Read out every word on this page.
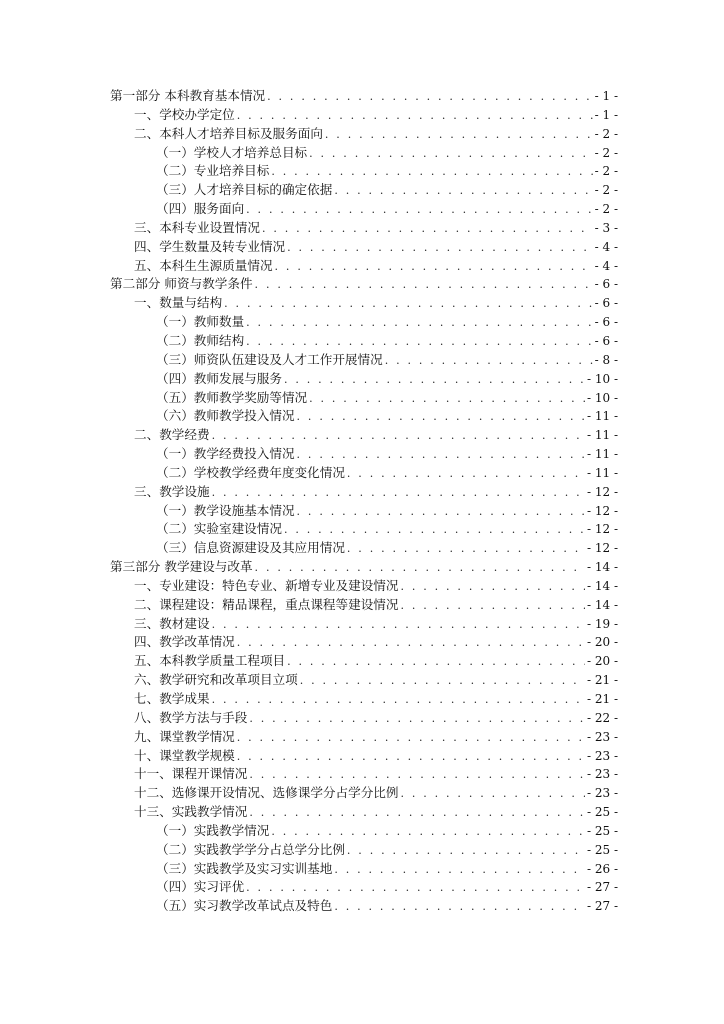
第一部分 本科教育基本情况 . . .	- 1 -
一、学校办学定位 . . .	- 1 -
二、本科人才培养目标及服务面向 . . .	- 2 -
（一）学校人才培养总目标 . . .	- 2 -
（二）专业培养目标 . . .	- 2 -
（三）人才培养目标的确定依据 . . .	- 2 -
（四）服务面向 . . .	- 2 -
三、本科专业设置情况 . . .	- 3 -
四、学生数量及转专业情况 . . .	- 4 -
五、本科生生源质量情况 . . .	- 4 -
第二部分 师资与教学条件 . . .	- 6 -
一、数量与结构 . . .	- 6 -
（一）教师数量 . . .	- 6 -
（二）教师结构 . . .	- 6 -
（三）师资队伍建设及人才工作开展情况 . . .	- 8 -
（四）教师发展与服务 . . .	- 10 -
（五）教师教学奖励等情况 . . .	- 10 -
（六）教师教学投入情况 . . .	- 11 -
二、教学经费 . . .	- 11 -
（一）教学经费投入情况 . . .	- 11 -
（二）学校教学经费年度变化情况 . . .	- 11 -
三、教学设施 . . .	- 12 -
（一）教学设施基本情况 . . .	- 12 -
（二）实验室建设情况 . . .	- 12 -
（三）信息资源建设及其应用情况 . . .	- 12 -
第三部分 教学建设与改革 . . .	- 14 -
一、专业建设：特色专业、新增专业及建设情况 . . .	- 14 -
二、课程建设：精品课程，重点课程等建设情况 . . .	- 14 -
三、教材建设 . . .	- 19 -
四、教学改革情况 . . .	- 20 -
五、本科教学质量工程项目 . . .	- 20 -
六、教学研究和改革项目立项 . . .	- 21 -
七、教学成果 . . .	- 21 -
八、教学方法与手段 . . .	- 22 -
九、课堂教学情况 . . .	- 23 -
十、课堂教学规模 . . .	- 23 -
十一、课程开课情况 . . .	- 23 -
十二、选修课开设情况、选修课学分占学分比例 . . .	- 23 -
十三、实践教学情况 . . .	- 25 -
（一）实践教学情况 . . .	- 25 -
（二）实践教学学分占总学分比例 . . .	- 25 -
（三）实践教学及实习实训基地 . . .	- 26 -
（四）实习评优 . . .	- 27 -
（五）实习教学改革试点及特色 . . .	- 27 -
